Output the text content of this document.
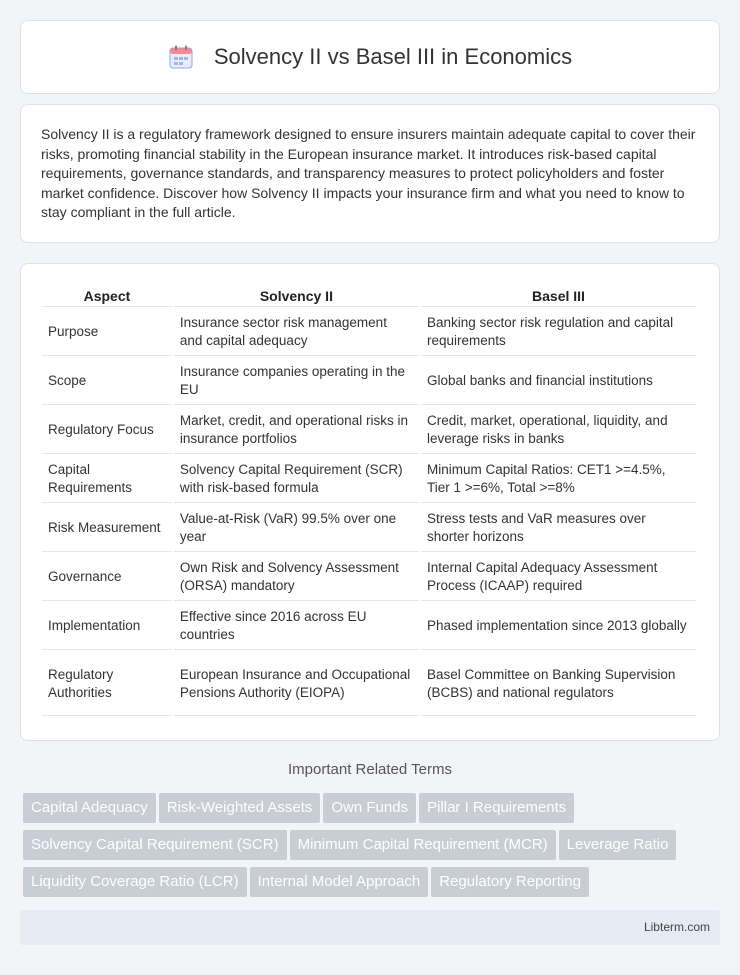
Solvency II vs Basel III in Economics

Solvency II is a regulatory framework designed to ensure insurers maintain adequate capital to cover their risks, promoting financial stability in the European insurance market. It introduces risk-based capital requirements, governance standards, and transparency measures to protect policyholders and foster market confidence. Discover how Solvency II impacts your insurance firm and what you need to know to stay compliant in the full article.

Aspect	Solvency II	Basel III
Purpose	Insurance sector risk management and capital adequacy	Banking sector risk regulation and capital requirements
Scope	Insurance companies operating in the EU	Global banks and financial institutions
Regulatory Focus	Market, credit, and operational risks in insurance portfolios	Credit, market, operational, liquidity, and leverage risks in banks
Capital Requirements	Solvency Capital Requirement (SCR) with risk-based formula	Minimum Capital Ratios: CET1 >=4.5%, Tier 1 >=6%, Total >=8%
Risk Measurement	Value-at-Risk (VaR) 99.5% over one year	Stress tests and VaR measures over shorter horizons
Governance	Own Risk and Solvency Assessment (ORSA) mandatory	Internal Capital Adequacy Assessment Process (ICAAP) required
Implementation	Effective since 2016 across EU countries	Phased implementation since 2013 globally
Regulatory Authorities	European Insurance and Occupational Pensions Authority (EIOPA)	Basel Committee on Banking Supervision (BCBS) and national regulators
Important Related Terms
Capital Adequacy Risk-Weighted Assets Own Funds Pillar I Requirements
Solvency Capital Requirement (SCR) Minimum Capital Requirement (MCR) Leverage Ratio
Liquidity Coverage Ratio (LCR) Internal Model Approach Regulatory Reporting
Libterm.com
